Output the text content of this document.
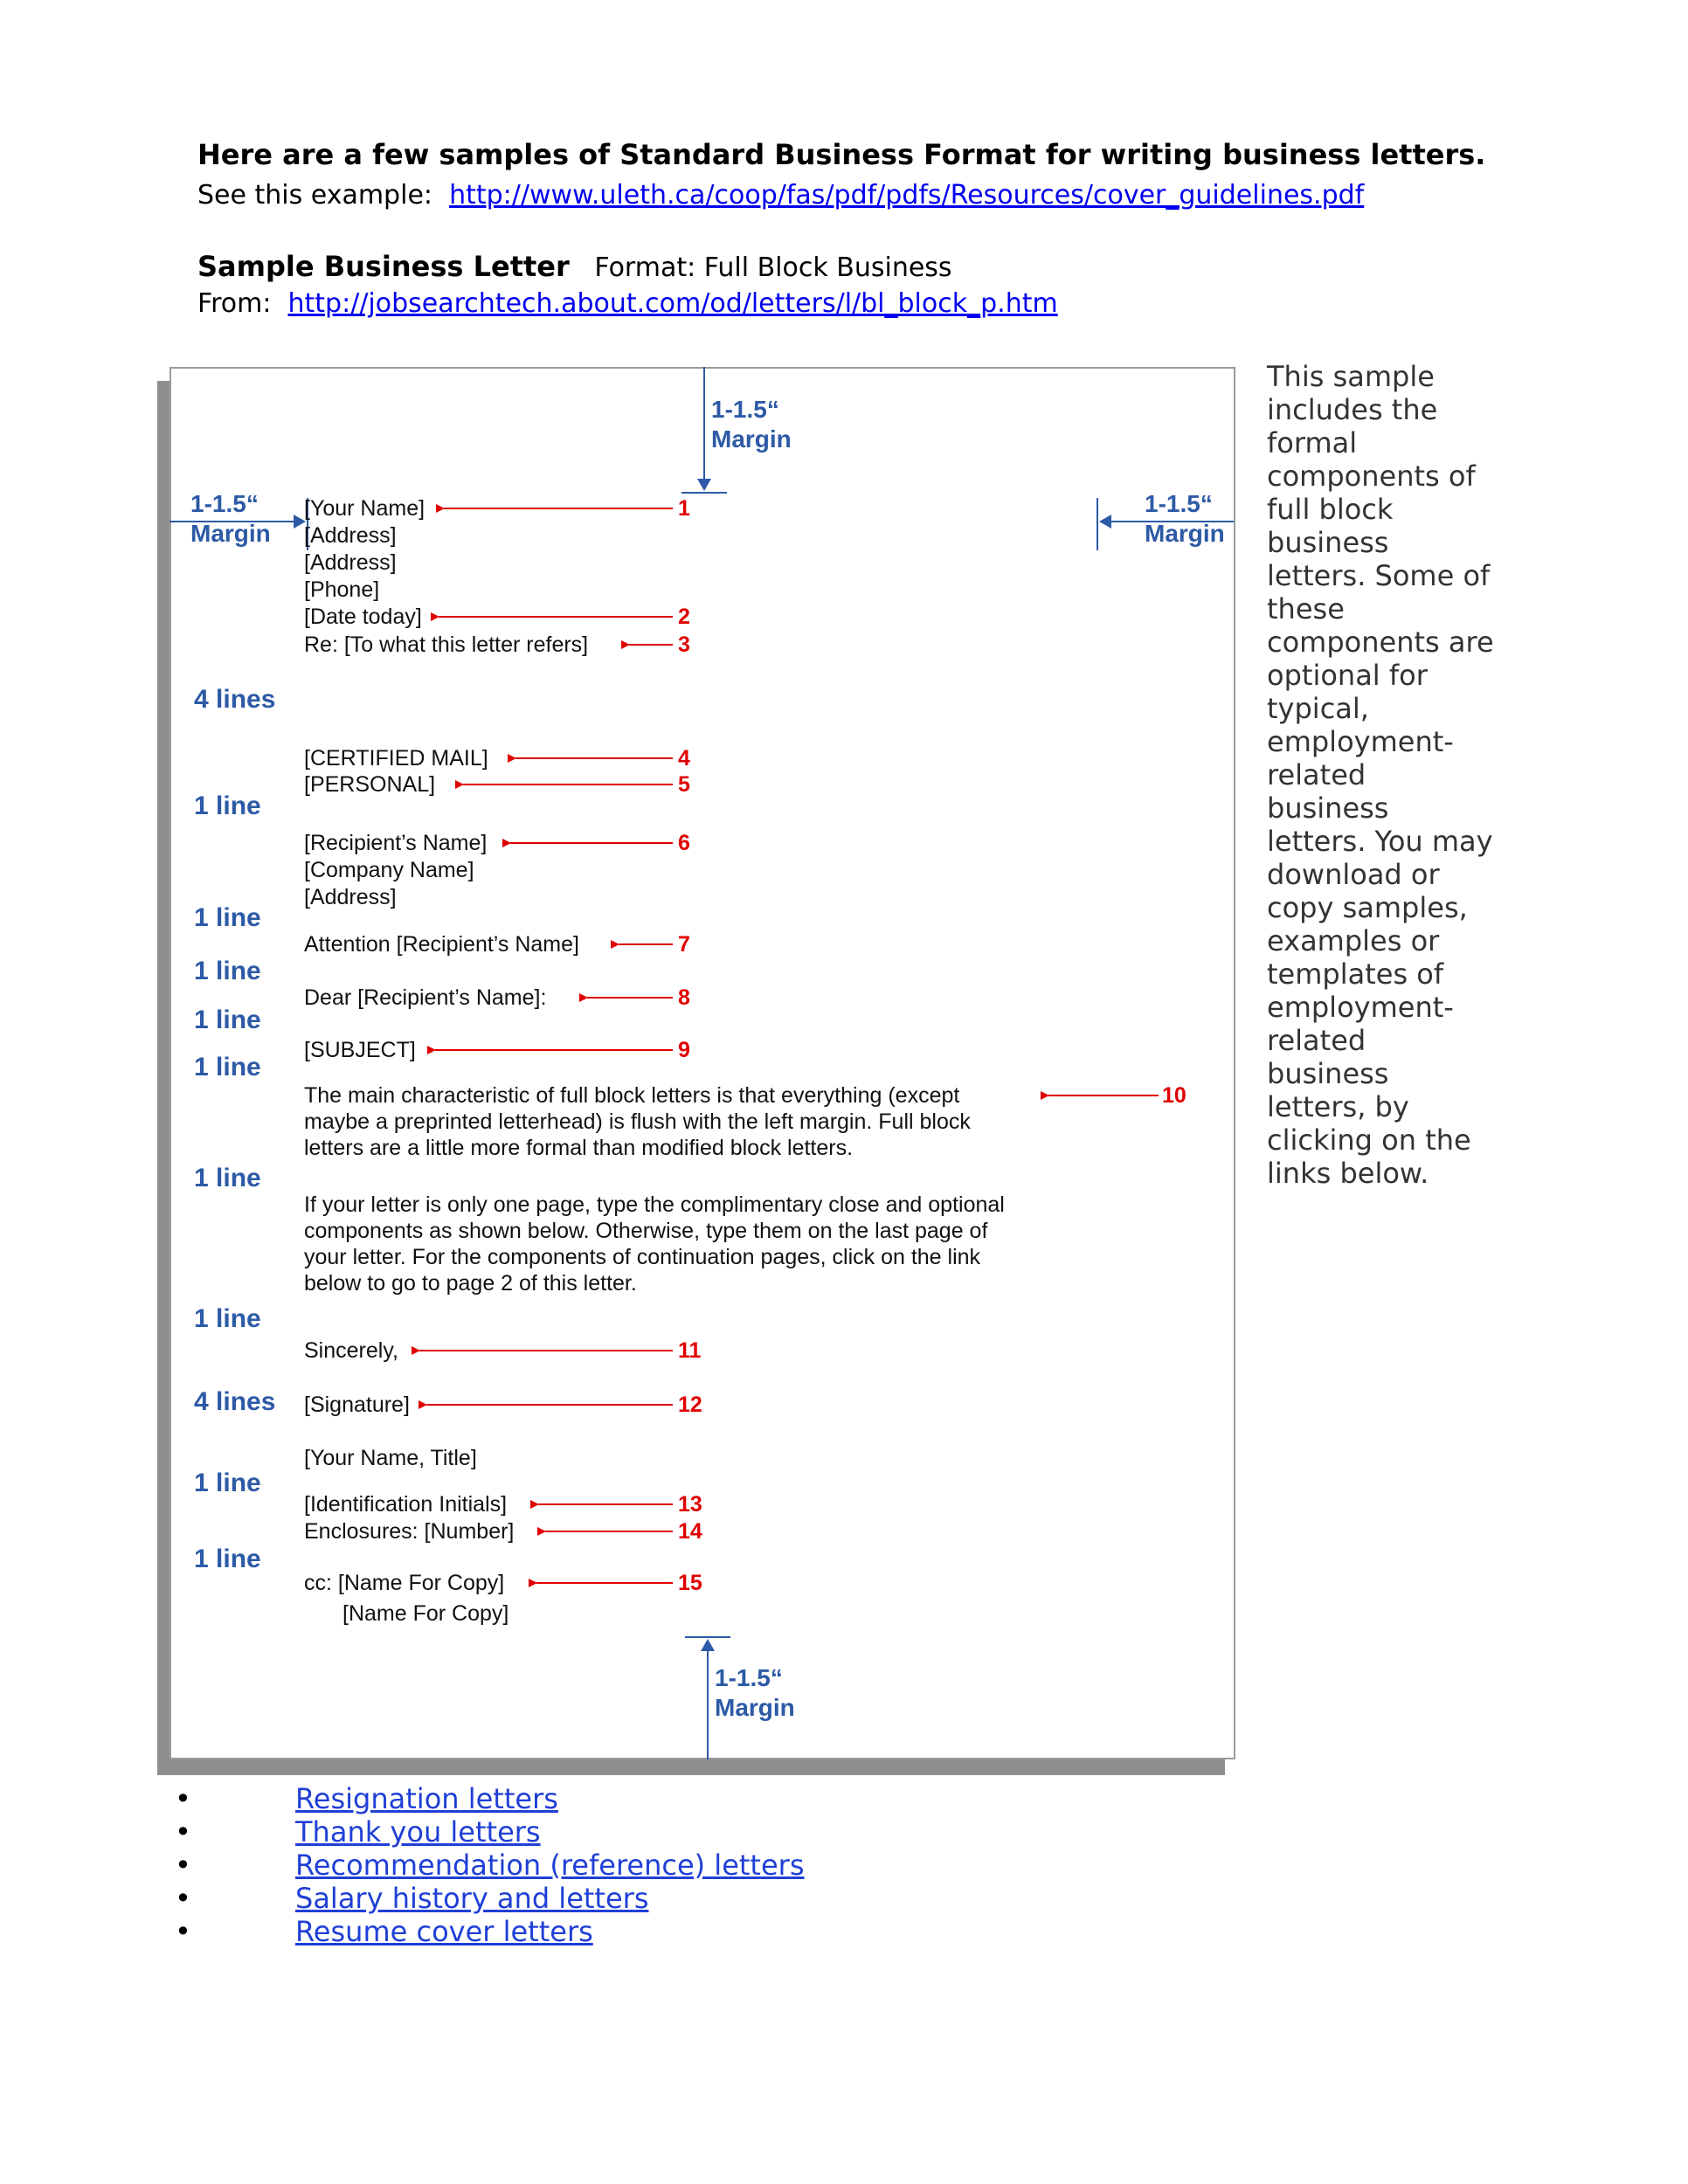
Here are a few samples of Standard Business Format for writing business letters.
See this example: http://www.uleth.ca/coop/fas/pdf/pdfs/Resources/cover_guidelines.pdf
Sample Business Letter Format: Full Block Business
From: http://jobsearchtech.about.com/od/letters/l/bl_block_p.htm
1-1.5“
Margin
1-1.5“
Margin
1-1.5“
Margin
1-1.5“
Margin
[Your Name]
[Address]
[Address]
[Phone]
[Date today]
Re: [To what this letter refers]
[CERTIFIED MAIL]
[PERSONAL]
[Recipient’s Name]
[Company Name]
[Address]
Attention [Recipient’s Name]
Dear [Recipient’s Name]:
[SUBJECT]
The main characteristic of full block letters is that everything (except
maybe a preprinted letterhead) is flush with the left margin. Full block
letters are a little more formal than modified block letters.
If your letter is only one page, type the complimentary close and optional
components as shown below. Otherwise, type them on the last page of
your letter. For the components of continuation pages, click on the link
below to go to page 2 of this letter.
Sincerely,
[Signature]
[Your Name, Title]
[Identification Initials]
Enclosures: [Number]
cc: [Name For Copy]
[Name For Copy]
4 lines
1 line
1 line
1 line
1 line
1 line
1 line
1 line
4 lines
1 line
1 line
1
2
3
4
5
6
7
8
9
10
11
12
13
14
15
This sample includes the formal components of full block business letters. Some of these components are optional for typical, employment-related business letters. You may download or copy samples, examples or templates of employment-related business letters, by clicking on the links below.
•	Resignation letters
•	Thank you letters
•	Recommendation (reference) letters
•	Salary history and letters
•	Resume cover letters
